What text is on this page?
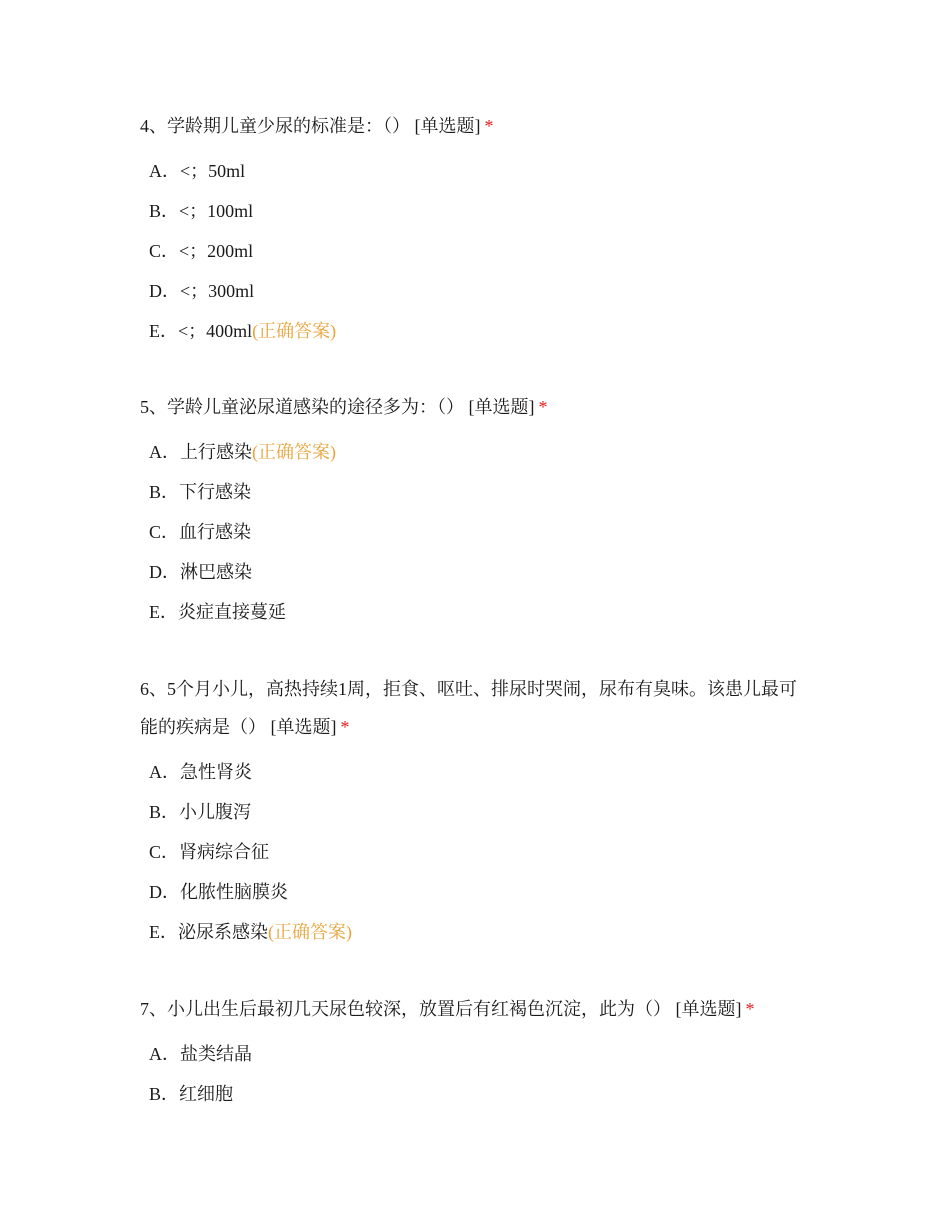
4、学龄期儿童少尿的标准是：（） [单选题] *

A．<；50ml
B．<；100ml
C．<；200ml
D．<；300ml
E．<；400ml(正确答案)

5、学龄儿童泌尿道感染的途径多为：（） [单选题] *

A．上行感染(正确答案)
B．下行感染
C．血行感染
D．淋巴感染
E．炎症直接蔓延

6、5个月小儿，高热持续1周，拒食、呕吐、排尿时哭闹，尿布有臭味。该患儿最可能的疾病是（） [单选题] *

A．急性肾炎
B．小儿腹泻
C．肾病综合征
D．化脓性脑膜炎
E．泌尿系感染(正确答案)

7、小儿出生后最初几天尿色较深，放置后有红褐色沉淀，此为（） [单选题] *

A．盐类结晶
B．红细胞
